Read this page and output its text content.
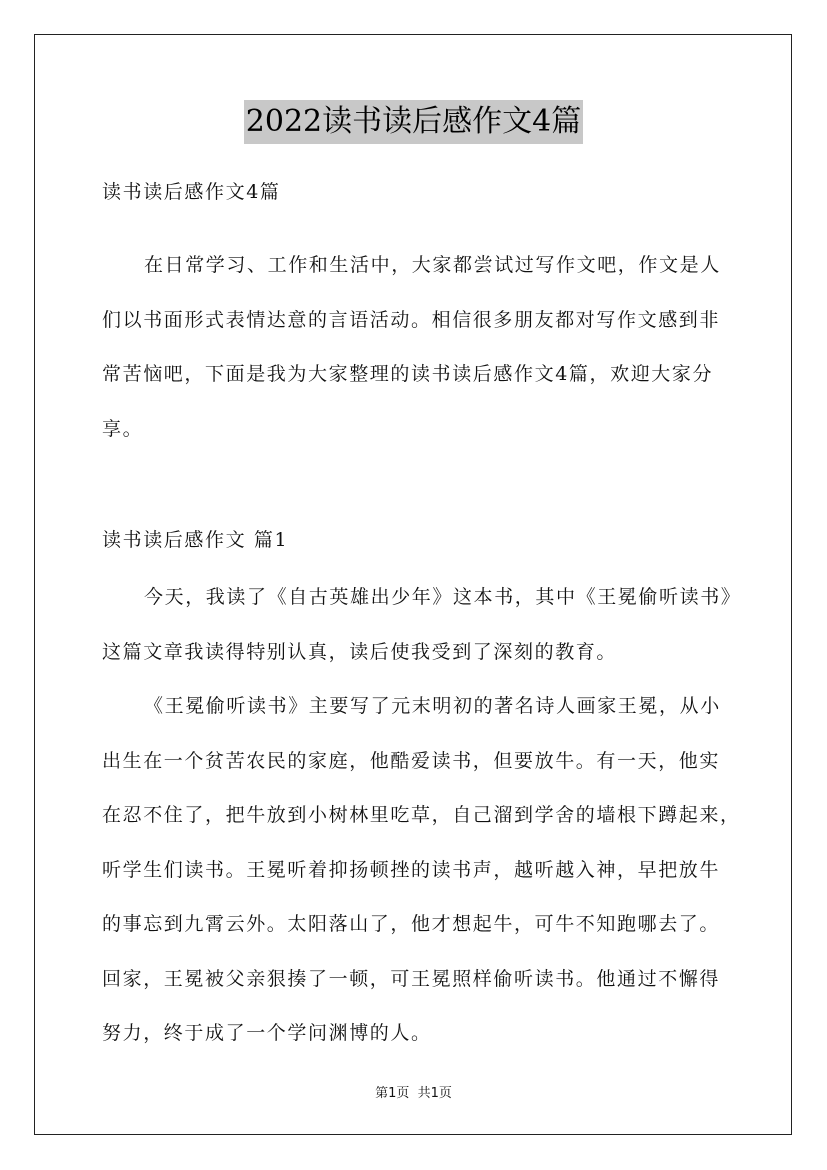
2022读书读后感作文4篇

读书读后感作文4篇

在日常学习、工作和生活中，大家都尝试过写作文吧，作文是人

们以书面形式表情达意的言语活动。相信很多朋友都对写作文感到非

常苦恼吧，下面是我为大家整理的读书读后感作文4篇，欢迎大家分

享。

读书读后感作文 篇1

今天，我读了《自古英雄出少年》这本书，其中《王冕偷听读书》

这篇文章我读得特别认真，读后使我受到了深刻的教育。

《王冕偷听读书》主要写了元末明初的著名诗人画家王冕，从小

出生在一个贫苦农民的家庭，他酷爱读书，但要放牛。有一天，他实

在忍不住了，把牛放到小树林里吃草，自己溜到学舍的墙根下蹲起来，

听学生们读书。王冕听着抑扬顿挫的读书声，越听越入神，早把放牛

的事忘到九霄云外。太阳落山了，他才想起牛，可牛不知跑哪去了。

回家，王冕被父亲狠揍了一顿，可王冕照样偷听读书。他通过不懈得

努力，终于成了一个学问渊博的人。

第1页  共1页
